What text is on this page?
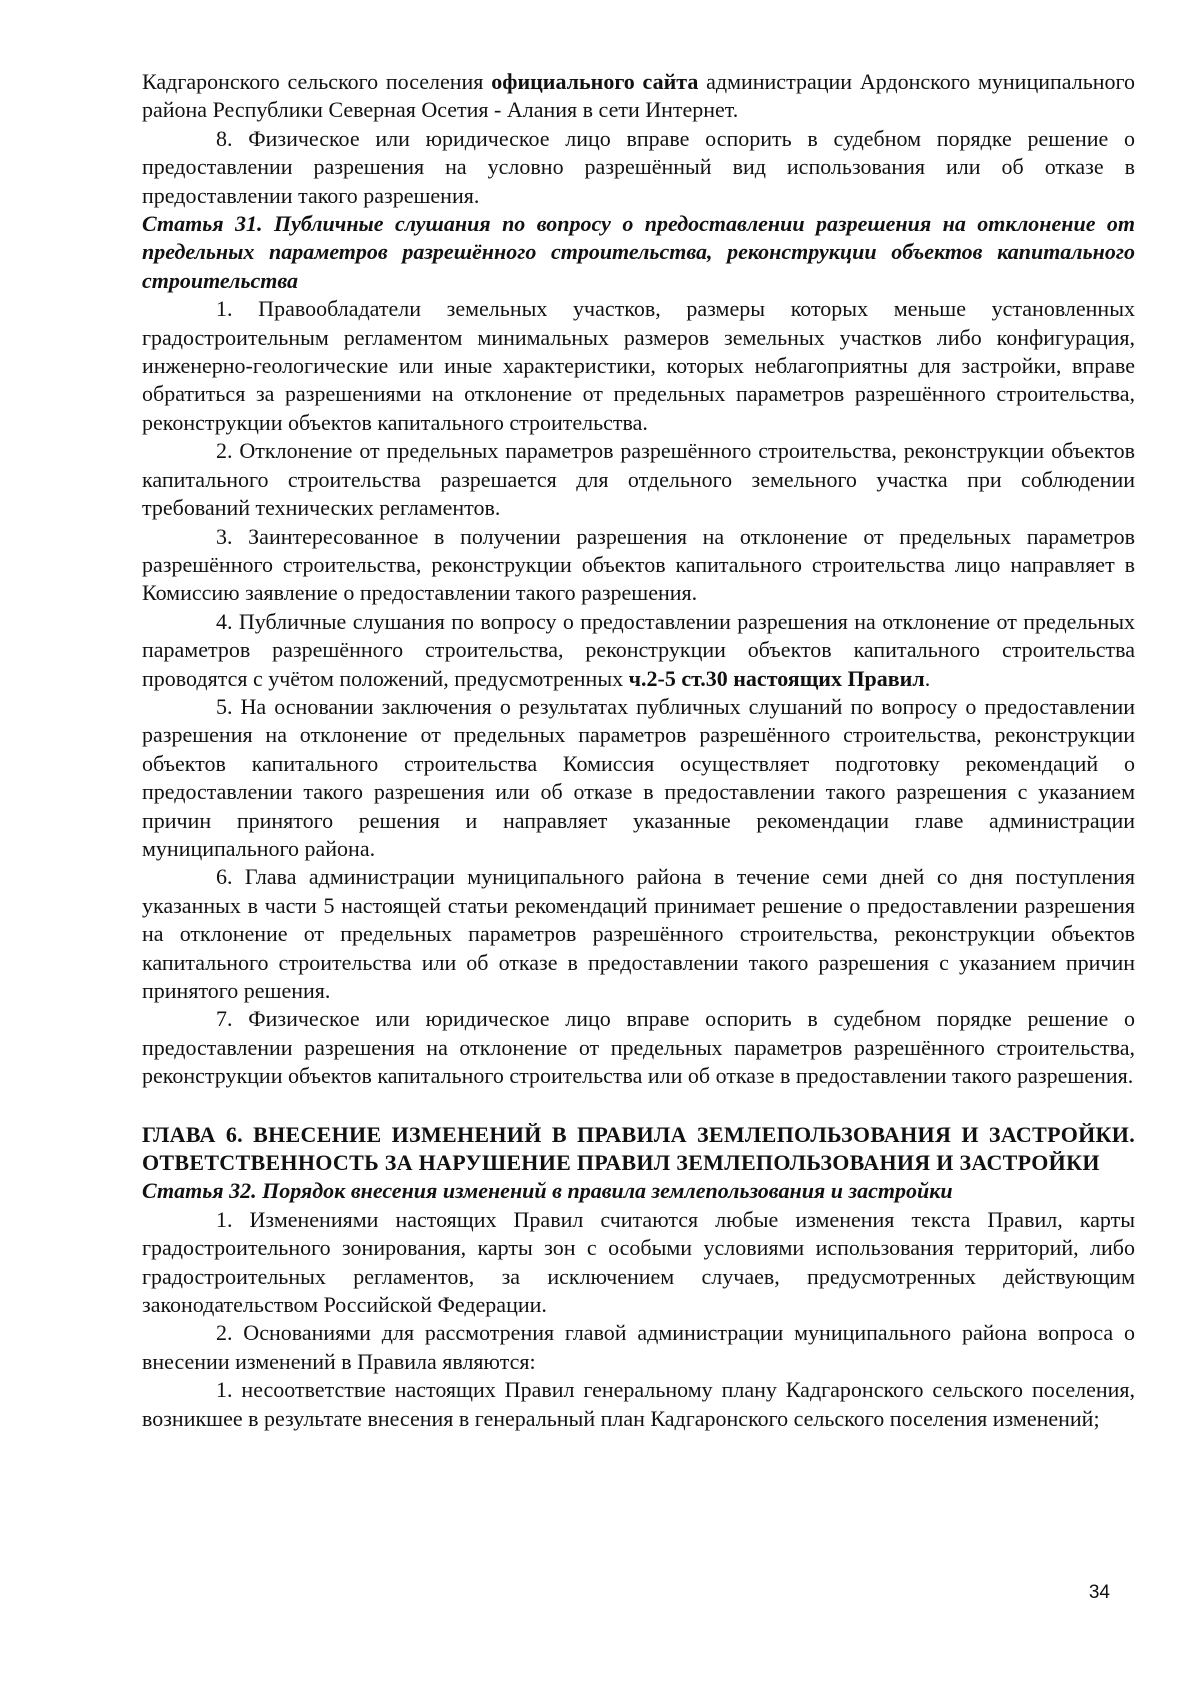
Кадгаронского сельского поселения официального сайта администрации Ардонского муниципального района Республики Северная Осетия - Алания в сети Интернет.

8. Физическое или юридическое лицо вправе оспорить в судебном порядке решение о предоставлении разрешения на условно разрешённый вид использования или об отказе в предоставлении такого разрешения.

Статья 31. Публичные слушания по вопросу о предоставлении разрешения на отклонение от предельных параметров разрешённого строительства, реконструкции объектов капитального строительства

1. Правообладатели земельных участков, размеры которых меньше установленных градостроительным регламентом минимальных размеров земельных участков либо конфигурация, инженерно-геологические или иные характеристики, которых неблагоприятны для застройки, вправе обратиться за разрешениями на отклонение от предельных параметров разрешённого строительства, реконструкции объектов капитального строительства.

2. Отклонение от предельных параметров разрешённого строительства, реконструкции объектов капитального строительства разрешается для отдельного земельного участка при соблюдении требований технических регламентов.

3. Заинтересованное в получении разрешения на отклонение от предельных параметров разрешённого строительства, реконструкции объектов капитального строительства лицо направляет в Комиссию заявление о предоставлении такого разрешения.

4. Публичные слушания по вопросу о предоставлении разрешения на отклонение от предельных параметров разрешённого строительства, реконструкции объектов капитального строительства проводятся с учётом положений, предусмотренных ч.2-5 ст.30 настоящих Правил.

5. На основании заключения о результатах публичных слушаний по вопросу о предоставлении разрешения на отклонение от предельных параметров разрешённого строительства, реконструкции объектов капитального строительства Комиссия осуществляет подготовку рекомендаций о предоставлении такого разрешения или об отказе в предоставлении такого разрешения с указанием причин принятого решения и направляет указанные рекомендации главе администрации муниципального района.

6. Глава администрации муниципального района в течение семи дней со дня поступления указанных в части 5 настоящей статьи рекомендаций принимает решение о предоставлении разрешения на отклонение от предельных параметров разрешённого строительства, реконструкции объектов капитального строительства или об отказе в предоставлении такого разрешения с указанием причин принятого решения.

7. Физическое или юридическое лицо вправе оспорить в судебном порядке решение о предоставлении разрешения на отклонение от предельных параметров разрешённого строительства, реконструкции объектов капитального строительства или об отказе в предоставлении такого разрешения.

ГЛАВА 6. ВНЕСЕНИЕ ИЗМЕНЕНИЙ В ПРАВИЛА ЗЕМЛЕПОЛЬЗОВАНИЯ И ЗАСТРОЙКИ. ОТВЕТСТВЕННОСТЬ ЗА НАРУШЕНИЕ ПРАВИЛ ЗЕМЛЕПОЛЬЗОВАНИЯ И ЗАСТРОЙКИ

Статья 32. Порядок внесения изменений в правила землепользования и застройки

1. Изменениями настоящих Правил считаются любые изменения текста Правил, карты градостроительного зонирования, карты зон с особыми условиями использования территорий, либо градостроительных регламентов, за исключением случаев, предусмотренных действующим законодательством Российской Федерации.

2. Основаниями для рассмотрения главой администрации муниципального района вопроса о внесении изменений в Правила являются:

1. несоответствие настоящих Правил генеральному плану Кадгаронского сельского поселения, возникшее в результате внесения в генеральный план Кадгаронского сельского поселения изменений;

34
